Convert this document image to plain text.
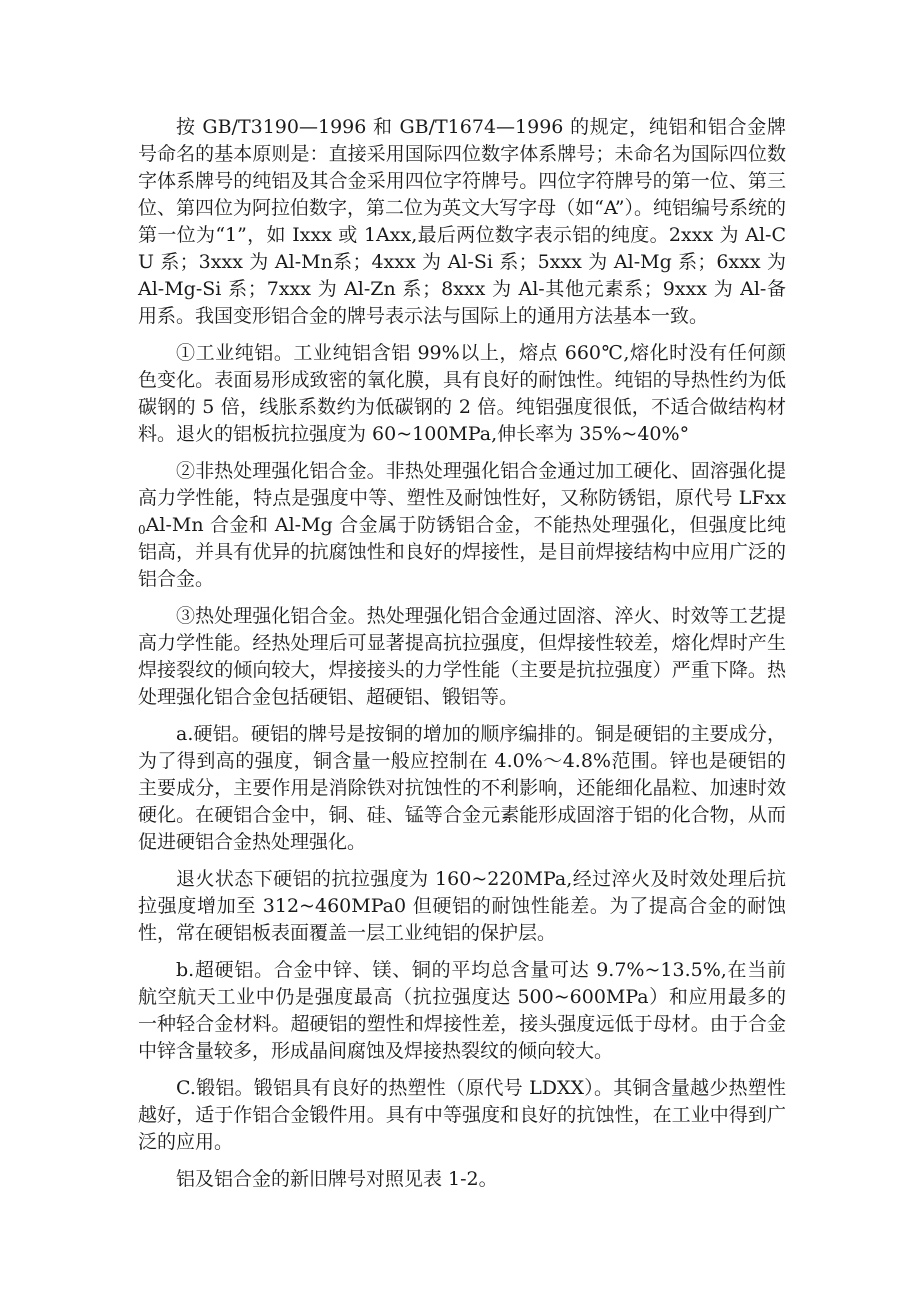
按 GB/T3190—1996 和 GB/T1674—1996 的规定，纯铝和铝合金牌号命名的基本原则是：直接采用国际四位数字体系牌号；未命名为国际四位数字体系牌号的纯铝及其合金采用四位字符牌号。四位字符牌号的第一位、第三位、第四位为阿拉伯数字，第二位为英文大写字母（如“A”）。纯铝编号系统的第一位为“1”，如 Ixxx 或 1Axx,最后两位数字表示铝的纯度。2xxx 为 Al-CU 系；3xxx 为 Al-Mn系；4xxx 为 Al-Si 系；5xxx 为 Al-Mg 系；6xxx 为 Al-Mg-Si 系；7xxx 为 Al-Zn 系；8xxx 为 Al-其他元素系；9xxx 为 Al-备用系。我国变形铝合金的牌号表示法与国际上的通用方法基本一致。

①工业纯铝。工业纯铝含铝 99%以上，熔点 660℃,熔化时没有任何颜色变化。表面易形成致密的氧化膜，具有良好的耐蚀性。纯铝的导热性约为低碳钢的 5 倍，线胀系数约为低碳钢的 2 倍。纯铝强度很低，不适合做结构材料。退火的铝板抗拉强度为 60~100MPa,伸长率为 35%~40%°

②非热处理强化铝合金。非热处理强化铝合金通过加工硬化、固溶强化提高力学性能，特点是强度中等、塑性及耐蚀性好，又称防锈铝，原代号 LFxx$_0$Al-Mn 合金和 Al-Mg 合金属于防锈铝合金，不能热处理强化，但强度比纯铝高，并具有优异的抗腐蚀性和良好的焊接性，是目前焊接结构中应用广泛的铝合金。

③热处理强化铝合金。热处理强化铝合金通过固溶、淬火、时效等工艺提高力学性能。经热处理后可显著提高抗拉强度，但焊接性较差，熔化焊时产生焊接裂纹的倾向较大，焊接接头的力学性能（主要是抗拉强度）严重下降。热处理强化铝合金包括硬铝、超硬铝、锻铝等。

a.硬铝。硬铝的牌号是按铜的增加的顺序编排的。铜是硬铝的主要成分，为了得到高的强度，铜含量一般应控制在 4.0%～4.8%范围。锌也是硬铝的主要成分，主要作用是消除铁对抗蚀性的不利影响，还能细化晶粒、加速时效硬化。在硬铝合金中，铜、硅、锰等合金元素能形成固溶于铝的化合物，从而促进硬铝合金热处理强化。

退火状态下硬铝的抗拉强度为 160~220MPa,经过淬火及时效处理后抗拉强度增加至 312~460MPa0 但硬铝的耐蚀性能差。为了提高合金的耐蚀性，常在硬铝板表面覆盖一层工业纯铝的保护层。

b.超硬铝。合金中锌、镁、铜的平均总含量可达 9.7%~13.5%,在当前航空航天工业中仍是强度最高（抗拉强度达 500~600MPa）和应用最多的一种轻合金材料。超硬铝的塑性和焊接性差，接头强度远低于母材。由于合金中锌含量较多，形成晶间腐蚀及焊接热裂纹的倾向较大。

C.锻铝。锻铝具有良好的热塑性（原代号 LDXX）。其铜含量越少热塑性越好，适于作铝合金锻件用。具有中等强度和良好的抗蚀性，在工业中得到广泛的应用。

铝及铝合金的新旧牌号对照见表 1-2。
